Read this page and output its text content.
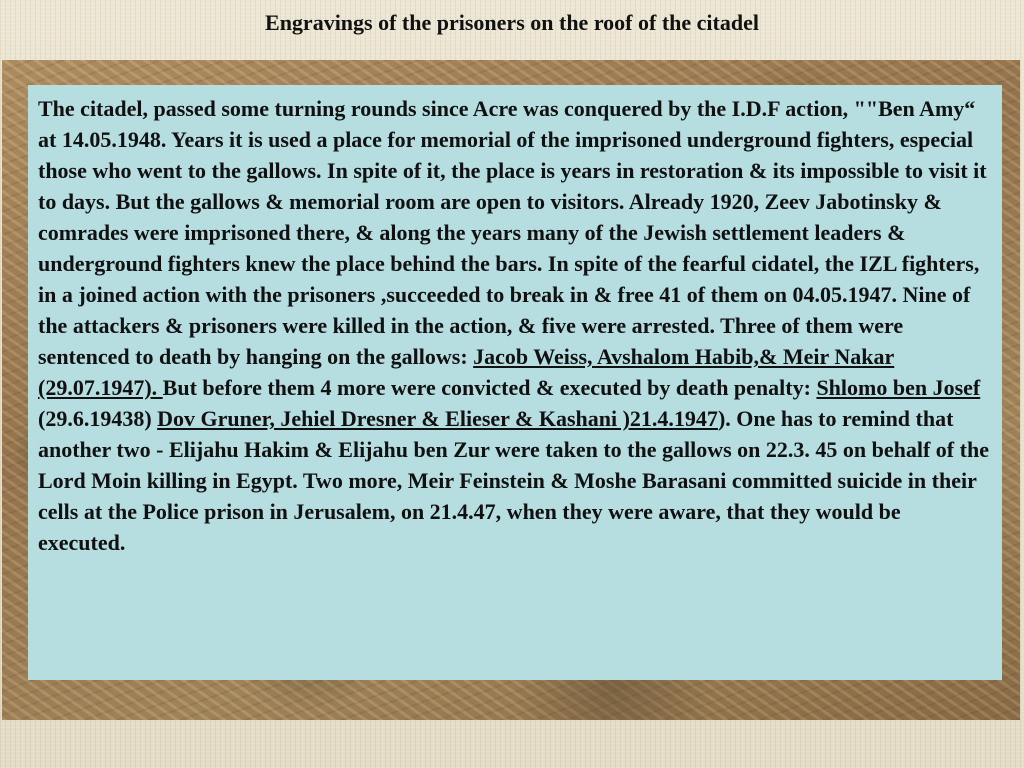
Engravings of the prisoners on the roof of the citadel

The citadel, passed some turning rounds since Acre was conquered by the I.D.F action, ""Ben Amy“ at 14.05.1948. Years it is used a place for memorial of the imprisoned underground fighters, especial those who went to the gallows. In spite of it, the place is years in restoration & its impossible to visit it to days. But the gallows & memorial room are open to visitors. Already 1920, Zeev Jabotinsky & comrades were imprisoned there, & along the years many of the Jewish settlement leaders & underground fighters knew the place behind the bars. In spite of the fearful cidatel, the IZL fighters, in a joined action with the prisoners ,succeeded to break in & free 41 of them on 04.05.1947. Nine of the attackers & prisoners were killed in the action, & five were arrested. Three of them were sentenced to death by hanging on the gallows: Jacob Weiss, Avshalom Habib,& Meir Nakar (29.07.1947). But before them 4 more were convicted & executed by death penalty: Shlomo ben Josef (29.6.19438) Dov Gruner, Jehiel Dresner & Elieser & Kashani )21.4.1947). One has to remind that another two - Elijahu Hakim & Elijahu ben Zur were taken to the gallows on 22.3. 45 on behalf of the Lord Moin killing in Egypt. Two more, Meir Feinstein & Moshe Barasani committed suicide in their cells at the Police prison in Jerusalem, on 21.4.47, when they were aware, that they would be executed.
